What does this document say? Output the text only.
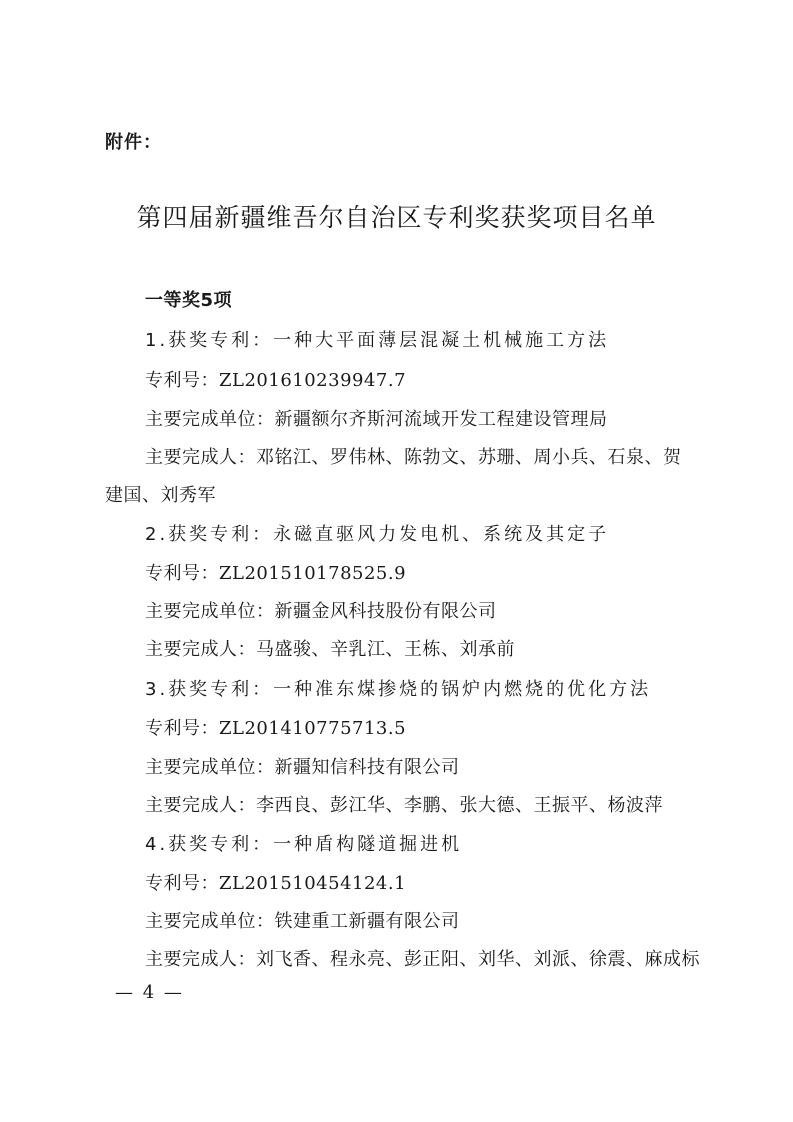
附件：
第四届新疆维吾尔自治区专利奖获奖项目名单
一等奖5项
1.获奖专利：一种大平面薄层混凝土机械施工方法
专利号：ZL201610239947.7
主要完成单位：新疆额尔齐斯河流域开发工程建设管理局
主要完成人：邓铭江、罗伟林、陈勃文、苏珊、周小兵、石泉、贺
建国、刘秀军
2.获奖专利：永磁直驱风力发电机、系统及其定子
专利号：ZL201510178525.9
主要完成单位：新疆金风科技股份有限公司
主要完成人：马盛骏、辛乳江、王栋、刘承前
3.获奖专利：一种准东煤掺烧的锅炉内燃烧的优化方法
专利号：ZL201410775713.5
主要完成单位：新疆知信科技有限公司
主要完成人：李西良、彭江华、李鹏、张大德、王振平、杨波萍
4.获奖专利：一种盾构隧道掘进机
专利号：ZL201510454124.1
主要完成单位：铁建重工新疆有限公司
主要完成人：刘飞香、程永亮、彭正阳、刘华、刘派、徐震、麻成标
— 4 —
